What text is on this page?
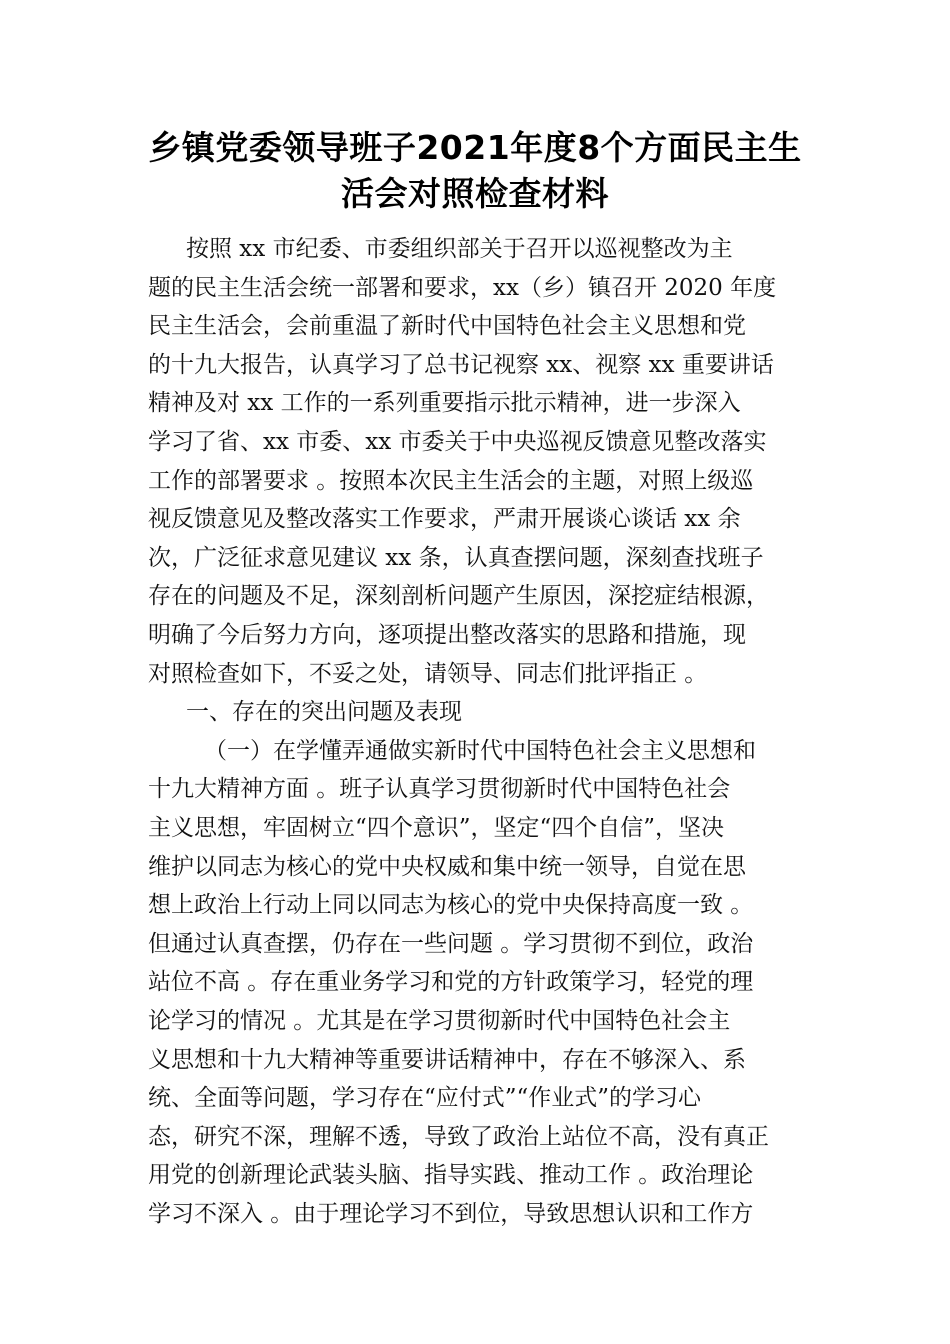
乡镇党委领导班子2021年度8个方面民主生
活会对照检查材料
按照 xx 市纪委、市委组织部关于召开以巡视整改为主
题的民主生活会统一部署和要求，xx（乡）镇召开 2020 年度
民主生活会，会前重温了新时代中国特色社会主义思想和党
的十九大报告，认真学习了总书记视察 xx、视察 xx 重要讲话
精神及对 xx 工作的一系列重要指示批示精神，进一步深入
学习了省、xx 市委、xx 市委关于中央巡视反馈意见整改落实
工作的部署要求 。按照本次民主生活会的主题，对照上级巡
视反馈意见及整改落实工作要求，严肃开展谈心谈话 xx 余
次，广泛征求意见建议 xx 条，认真查摆问题，深刻查找班子
存在的问题及不足，深刻剖析问题产生原因，深挖症结根源，
明确了今后努力方向，逐项提出整改落实的思路和措施，现
对照检查如下，不妥之处，请领导、同志们批评指正 。
一、存在的突出问题及表现
（一）在学懂弄通做实新时代中国特色社会主义思想和
十九大精神方面 。班子认真学习贯彻新时代中国特色社会
主义思想，牢固树立“四个意识”，坚定“四个自信”，坚决
维护以同志为核心的党中央权威和集中统一领导，自觉在思
想上政治上行动上同以同志为核心的党中央保持高度一致 。
但通过认真查摆，仍存在一些问题 。学习贯彻不到位，政治
站位不高 。存在重业务学习和党的方针政策学习，轻党的理
论学习的情况 。尤其是在学习贯彻新时代中国特色社会主
义思想和十九大精神等重要讲话精神中，存在不够深入、系
统、全面等问题，学习存在“应付式”“作业式”的学习心
态，研究不深，理解不透，导致了政治上站位不高，没有真正
用党的创新理论武装头脑、指导实践、推动工作 。政治理论
学习不深入 。由于理论学习不到位，导致思想认识和工作方
